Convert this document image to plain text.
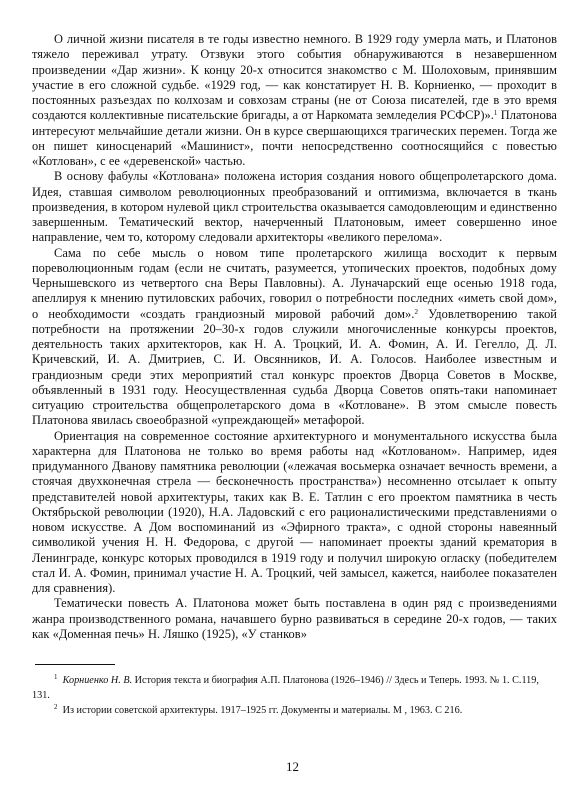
О личной жизни писателя в те годы известно немного. В 1929 году умерла мать, и Платонов тяжело переживал утрату. Отзвуки этого события обнаруживаются в незавершенном произведении «Дар жизни». К концу 20-х относится знакомство с М. Шолоховым, принявшим участие в его сложной судьбе. «1929 год, — как констатирует Н. В. Корниенко, — проходит в постоянных разъездах по колхозам и совхозам страны (не от Союза писателей, где в это время создаются коллективные писательские бригады, а от Наркомата земледелия РСФСР)».$^1$ Платонова интересуют мельчайшие детали жизни. Он в курсе свершающихся трагических перемен. Тогда же он пишет киносценарий «Машинист», почти непосредственно соотносящийся с повестью «Котлован», с ее «деревенской» частью.

В основу фабулы «Котлована» положена история создания нового общепролетарского дома. Идея, ставшая символом революционных преобразований и оптимизма, включается в ткань произведения, в котором нулевой цикл строительства оказывается самодовлеющим и единственно завершенным. Тематический вектор, начерченный Платоновым, имеет совершенно иное направление, чем то, которому следовали архитекторы «великого перелома».

Сама по себе мысль о новом типе пролетарского жилища восходит к первым пореволюционным годам (если не считать, разумеется, утопических проектов, подобных дому Чернышевского из четвертого сна Веры Павловны). А. Луначарский еще осенью 1918 года, апеллируя к мнению путиловских рабочих, говорил о потребности последних «иметь свой дом», о необходимости «создать грандиозный мировой рабочий дом».$^2$ Удовлетворению такой потребности на протяжении 20–30-х годов служили многочисленные конкурсы проектов, деятельность таких архитекторов, как Н. А. Троцкий, И. А. Фомин, А. И. Гегелло, Д. Л. Кричевский, И. А. Дмитриев, С. И. Овсянников, И. А. Голосов. Наиболее известным и грандиозным среди этих мероприятий стал конкурс проектов Дворца Советов в Москве, объявленный в 1931 году. Неосуществленная судьба Дворца Советов опять-таки напоминает ситуацию строительства общепролетарского дома в «Котловане». В этом смысле повесть Платонова явилась своеобразной «упреждающей» метафорой.

Ориентация на современное состояние архитектурного и монументального искусства была характерна для Платонова не только во время работы над «Котлованом». Например, идея придуманного Дванову памятника революции («лежачая восьмерка означает вечность времени, а стоячая двухконечная стрела — бесконечность пространства») несомненно отсылает к опыту представителей новой архитектуры, таких как В. Е. Татлин с его проектом памятника в честь Октябрьской революции (1920), Н.А. Ладовский с его рационалистическими представлениями о новом искусстве. А Дом воспоминаний из «Эфирного тракта», с одной стороны навеянный символикой учения Н. Н. Федорова, с другой — напоминает проекты зданий крематория в Ленинграде, конкурс которых проводился в 1919 году и получил широкую огласку (победителем стал И. А. Фомин, принимал участие Н. А. Троцкий, чей замысел, кажется, наиболее показателен для сравнения).

Тематически повесть А. Платонова может быть поставлена в один ряд с произведениями жанра производственного романа, начавшего бурно развиваться в середине 20-х годов, — таких как «Доменная печь» Н. Ляшко (1925), «У станков»

$^1$ Корниенко Н. В. История текста и биография А.П. Платонова (1926–1946) // Здесь и Теперь. 1993. № 1. С.119, 131.

$^2$ Из истории советской архитектуры. 1917–1925 гг. Документы и материалы. М , 1963. С 216.

12
